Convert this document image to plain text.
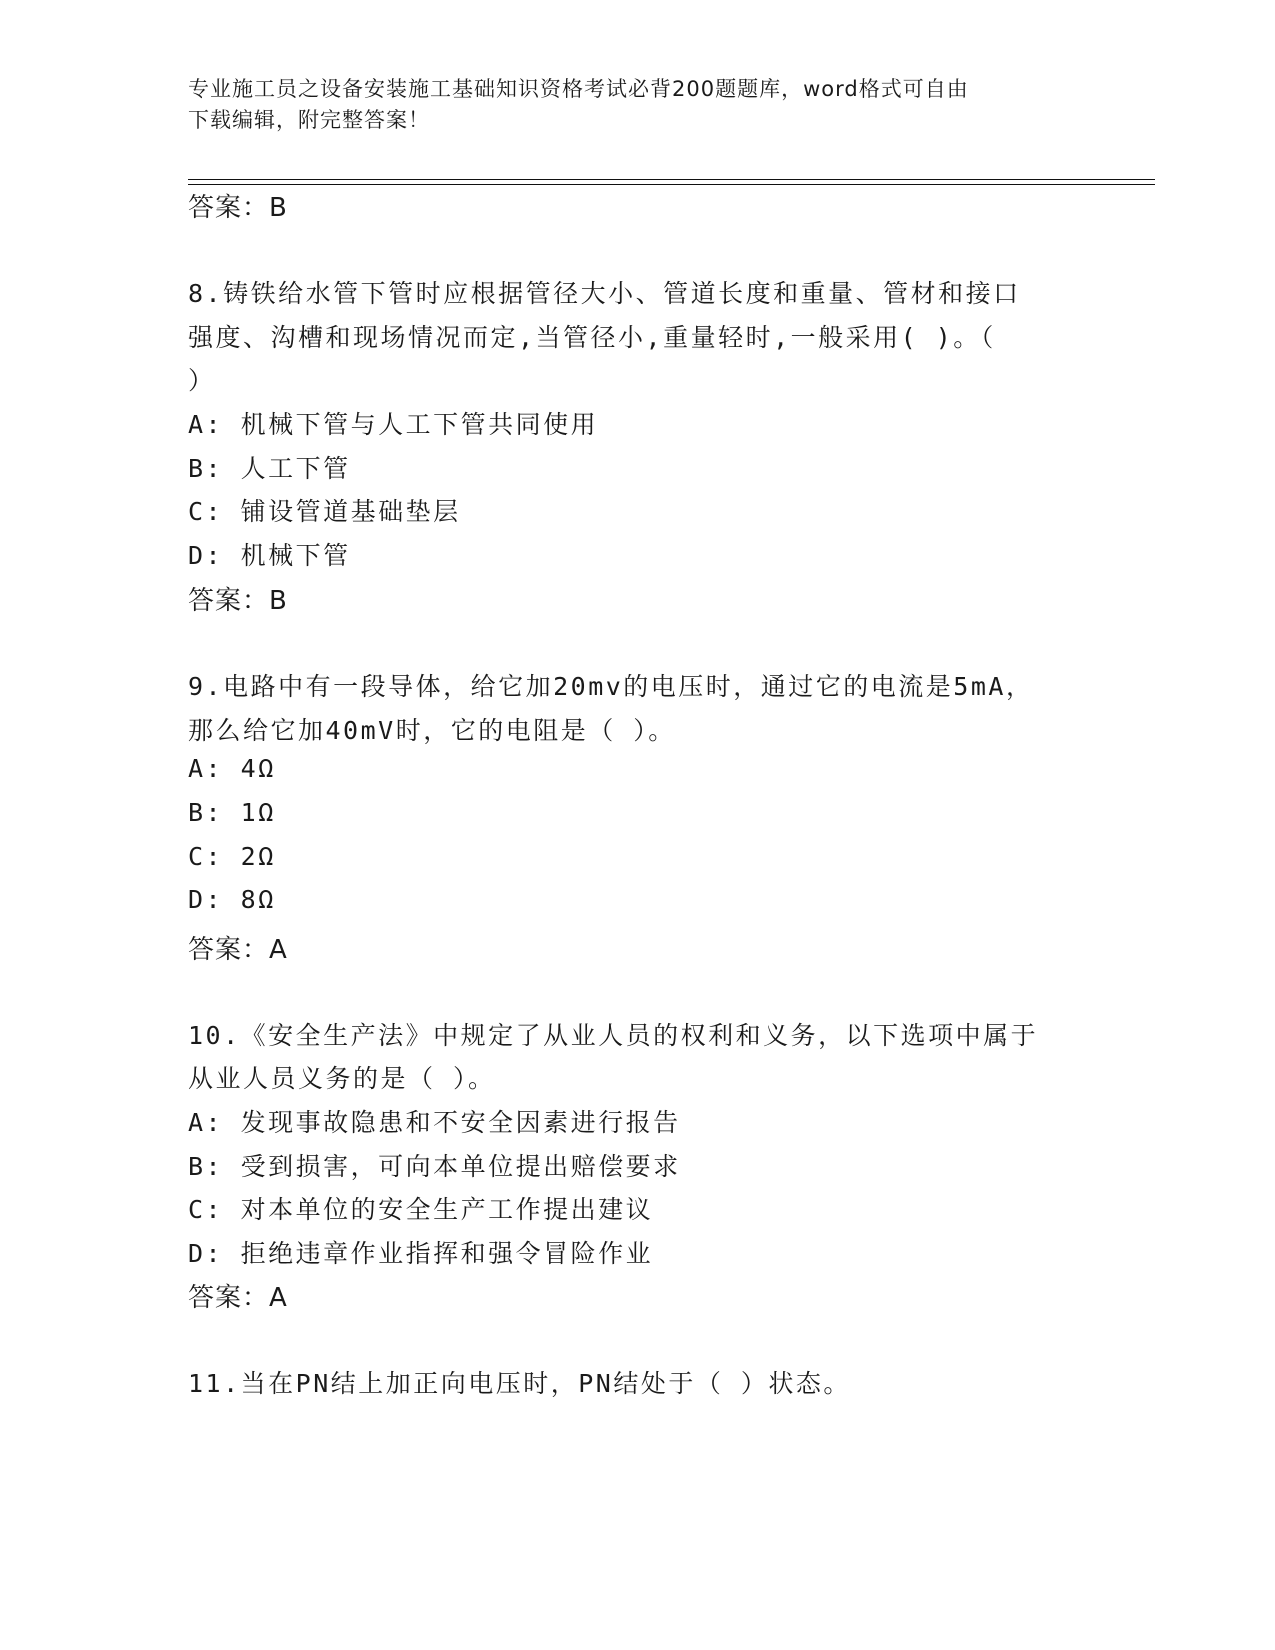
专业施工员之设备安装施工基础知识资格考试必背200题题库，word格式可自由
下载编辑，附完整答案！
答案：B
8.铸铁给水管下管时应根据管径大小、管道长度和重量、管材和接口
强度、沟槽和现场情况而定,当管径小,重量轻时,一般采用( )。（
）
A: 机械下管与人工下管共同使用
B: 人工下管
C: 铺设管道基础垫层
D: 机械下管
答案：B
9.电路中有一段导体，给它加20mv的电压时，通过它的电流是5mA，
那么给它加40mV时，它的电阻是（ ）。
A: 4Ω
B: 1Ω
C: 2Ω
D: 8Ω
答案：A
10.《安全生产法》中规定了从业人员的权利和义务，以下选项中属于
从业人员义务的是（ ）。
A: 发现事故隐患和不安全因素进行报告
B: 受到损害，可向本单位提出赔偿要求
C: 对本单位的安全生产工作提出建议
D: 拒绝违章作业指挥和强令冒险作业
答案：A
11.当在PN结上加正向电压时，PN结处于（ ）状态。
